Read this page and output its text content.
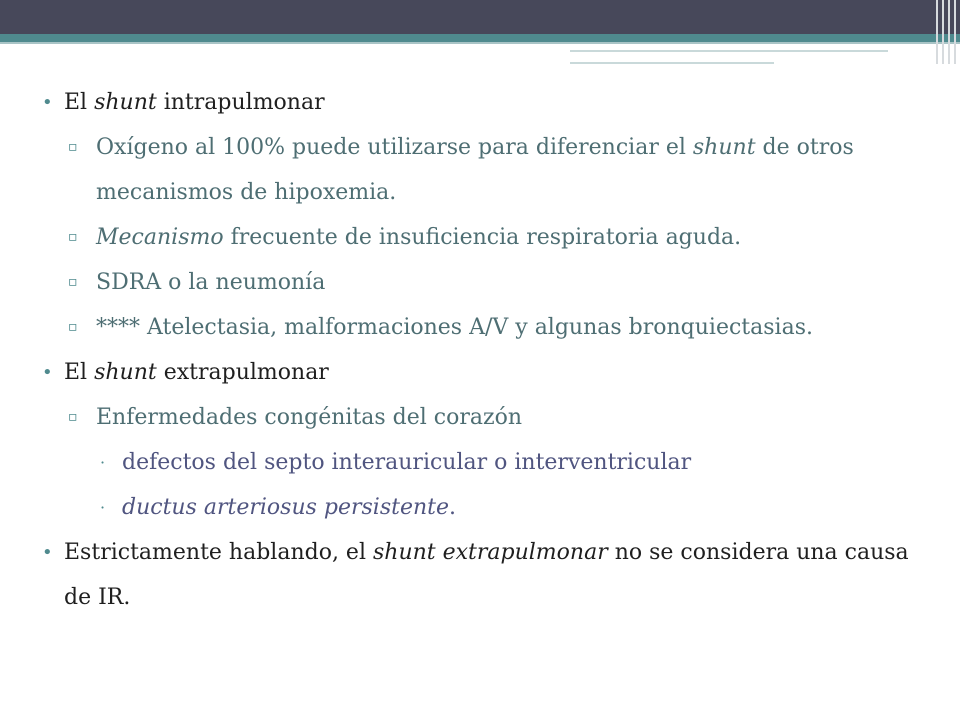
• El shunt intrapulmonar
▫ Oxígeno al 100% puede utilizarse para diferenciar el shunt de otros mecanismos de hipoxemia.
▫ Mecanismo frecuente de insuficiencia respiratoria aguda.
▫ SDRA o la neumonía
▫ **** Atelectasia, malformaciones A/V y algunas bronquiectasias.
• El shunt extrapulmonar
▫ Enfermedades congénitas del corazón
· defectos del septo interauricular o interventricular
· ductus arteriosus persistente.
• Estrictamente hablando, el shunt extrapulmonar no se considera una causa de IR.
